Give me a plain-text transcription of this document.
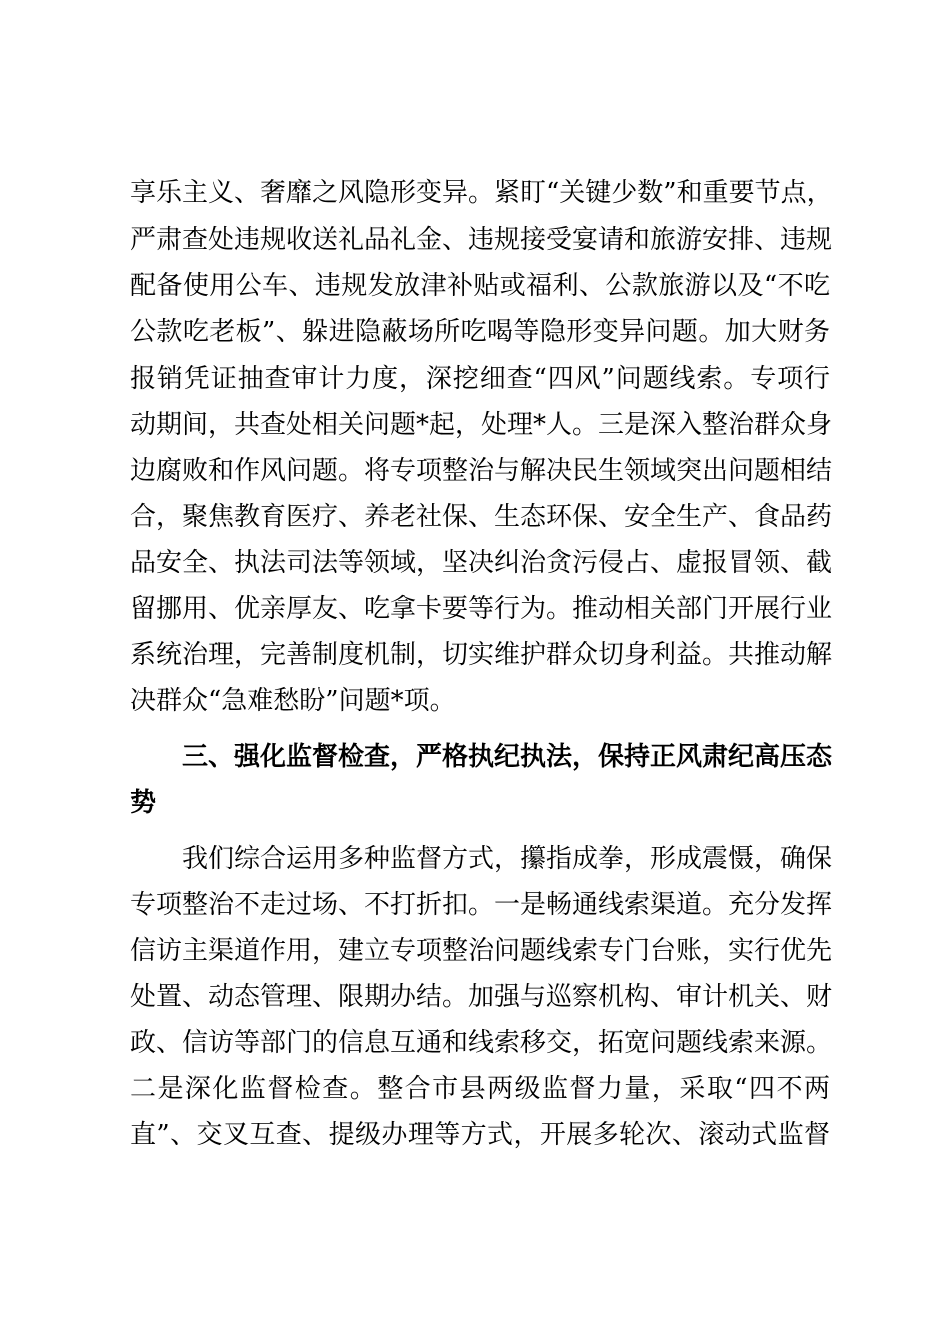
享乐主义、奢靡之风隐形变异。紧盯“关键少数”和重要节点，
严肃查处违规收送礼品礼金、违规接受宴请和旅游安排、违规
配备使用公车、违规发放津补贴或福利、公款旅游以及“不吃
公款吃老板”、躲进隐蔽场所吃喝等隐形变异问题。加大财务
报销凭证抽查审计力度，深挖细查“四风”问题线索。专项行
动期间，共查处相关问题*起，处理*人。三是深入整治群众身
边腐败和作风问题。将专项整治与解决民生领域突出问题相结
合，聚焦教育医疗、养老社保、生态环保、安全生产、食品药
品安全、执法司法等领域，坚决纠治贪污侵占、虚报冒领、截
留挪用、优亲厚友、吃拿卡要等行为。推动相关部门开展行业
系统治理，完善制度机制，切实维护群众切身利益。共推动解
决群众“急难愁盼”问题*项。
三、强化监督检查，严格执纪执法，保持正风肃纪高压态
势
我们综合运用多种监督方式，攥指成拳，形成震慑，确保
专项整治不走过场、不打折扣。一是畅通线索渠道。充分发挥
信访主渠道作用，建立专项整治问题线索专门台账，实行优先
处置、动态管理、限期办结。加强与巡察机构、审计机关、财
政、信访等部门的信息互通和线索移交，拓宽问题线索来源。
二是深化监督检查。整合市县两级监督力量，采取“四不两
直”、交叉互查、提级办理等方式，开展多轮次、滚动式监督
